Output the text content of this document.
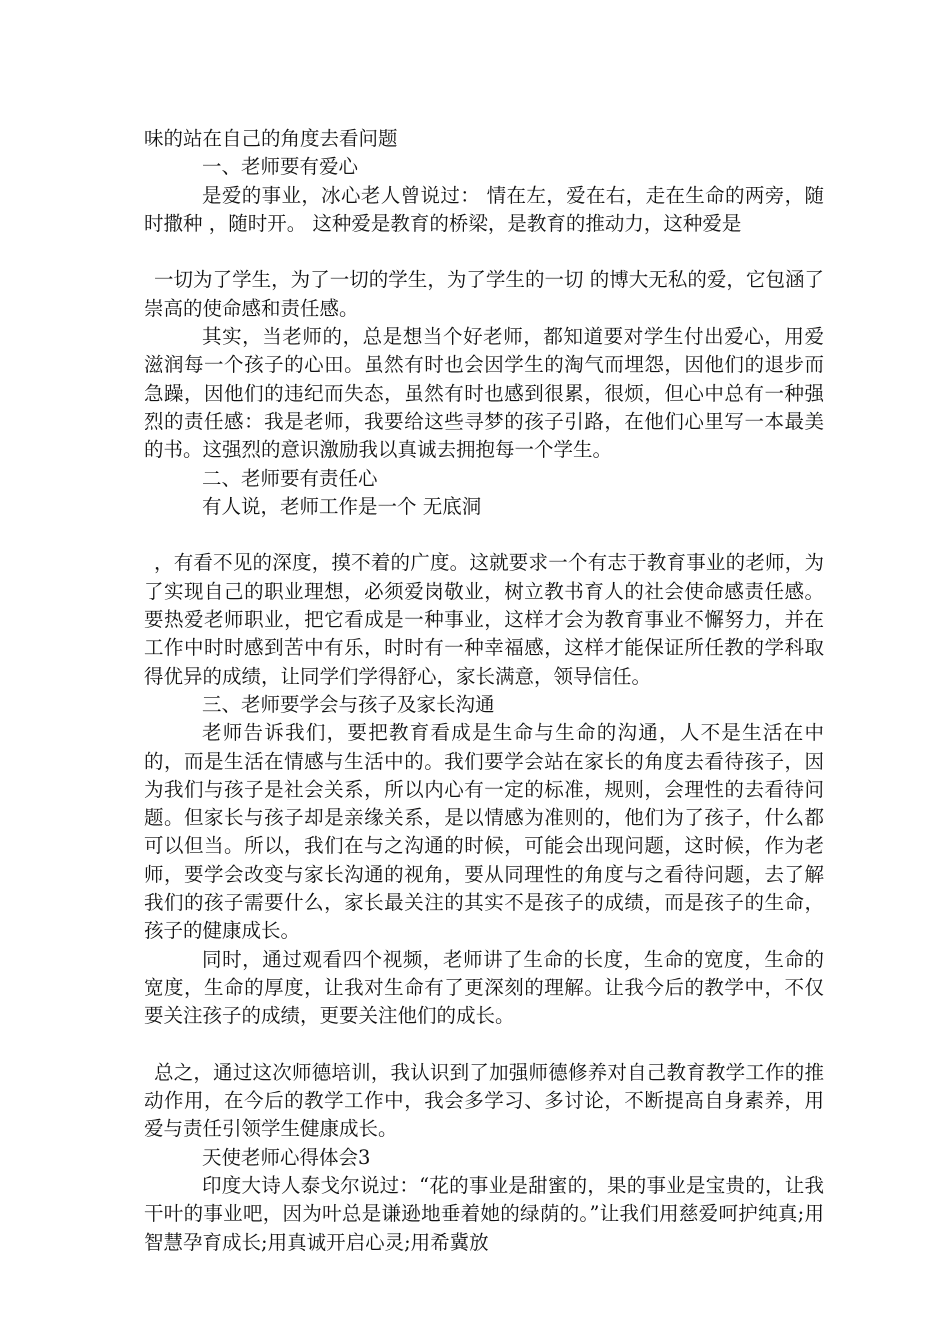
味的站在自己的角度去看问题

一、老师要有爱心

是爱的事业，冰心老人曾说过： 情在左，爱在右，走在生命的两旁，随时撒种 ，随时开。 这种爱是教育的桥梁，是教育的推动力，这种爱是

一切为了学生，为了一切的学生，为了学生的一切 的博大无私的爱，它包涵了崇高的使命感和责任感。

其实，当老师的，总是想当个好老师，都知道要对学生付出爱心，用爱滋润每一个孩子的心田。虽然有时也会因学生的淘气而埋怨，因他们的退步而急躁，因他们的违纪而失态，虽然有时也感到很累，很烦，但心中总有一种强烈的责任感：我是老师，我要给这些寻梦的孩子引路，在他们心里写一本最美的书。这强烈的意识激励我以真诚去拥抱每一个学生。

二、老师要有责任心

有人说，老师工作是一个 无底洞

，有看不见的深度，摸不着的广度。这就要求一个有志于教育事业的老师，为了实现自己的职业理想，必须爱岗敬业，树立教书育人的社会使命感责任感。要热爱老师职业，把它看成是一种事业，这样才会为教育事业不懈努力，并在工作中时时感到苦中有乐，时时有一种幸福感，这样才能保证所任教的学科取得优异的成绩，让同学们学得舒心，家长满意，领导信任。

三、老师要学会与孩子及家长沟通

老师告诉我们，要把教育看成是生命与生命的沟通，人不是生活在中的，而是生活在情感与生活中的。我们要学会站在家长的角度去看待孩子，因为我们与孩子是社会关系，所以内心有一定的标准，规则，会理性的去看待问题。但家长与孩子却是亲缘关系，是以情感为准则的，他们为了孩子，什么都可以但当。所以，我们在与之沟通的时候，可能会出现问题，这时候，作为老师，要学会改变与家长沟通的视角，要从同理性的角度与之看待问题，去了解我们的孩子需要什么，家长最关注的其实不是孩子的成绩，而是孩子的生命，孩子的健康成长。

同时，通过观看四个视频，老师讲了生命的长度，生命的宽度，生命的宽度，生命的厚度，让我对生命有了更深刻的理解。让我今后的教学中，不仅要关注孩子的成绩，更要关注他们的成长。

总之，通过这次师德培训，我认识到了加强师德修养对自己教育教学工作的推动作用，在今后的教学工作中，我会多学习、多讨论，不断提高自身素养，用爱与责任引领学生健康成长。

天使老师心得体会3

印度大诗人泰戈尔说过：“花的事业是甜蜜的，果的事业是宝贵的，让我干叶的事业吧，因为叶总是谦逊地垂着她的绿荫的。”让我们用慈爱呵护纯真;用智慧孕育成长;用真诚开启心灵;用希冀放
